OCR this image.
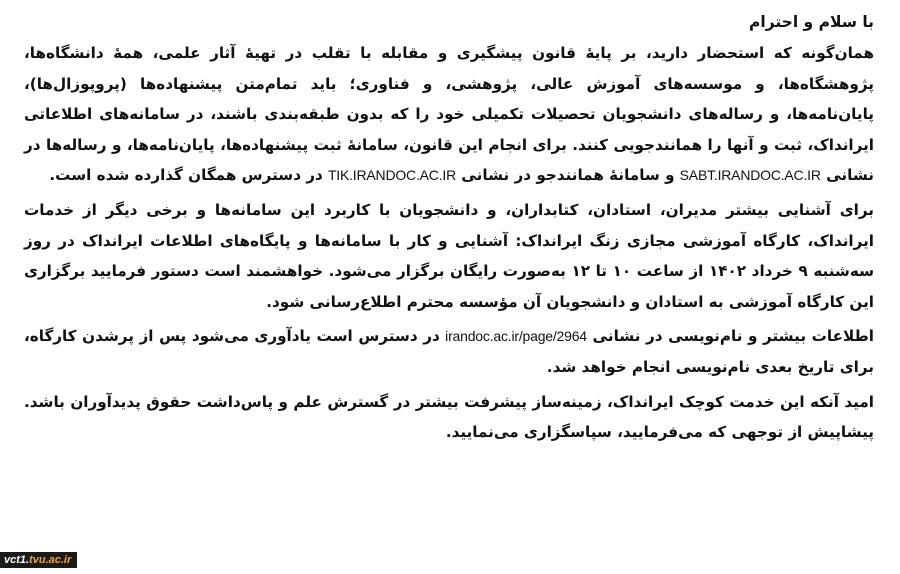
با سلام و احترام

همان‌گونه که استحضار دارید، بر پایهٔ قانون پیشگیری و مقابله با تقلب در تهیهٔ آثار علمی، همهٔ دانشگاه‌ها، پژوهشگاه‌ها، و موسسه‌های آموزش عالی، پژوهشی، و فناوری؛ باید تمام‌متن پیشنهاده‌ها (پروپوزال‌ها)، پایان‌نامه‌ها، و رساله‌های دانشجویان تحصیلات تکمیلی خود را که بدون طبقه‌بندی باشند، در سامانه‌های اطلاعاتی ایرانداک، ثبت و آنها را همانندجویی کنند. برای انجام این قانون، سامانهٔ ثبت پیشنهاده‌ها، پایان‌نامه‌ها، و رساله‌ها در نشانی SABT.IRANDOC.AC.IR و سامانهٔ همانندجو در نشانی TIK.IRANDOC.AC.IR در دسترس همگان گذارده شده است.

برای آشنایی بیشتر مدیران، استادان، کتابداران، و دانشجویان با کاربرد این سامانه‌ها و برخی دیگر از خدمات ایرانداک، کارگاه آموزشی مجازی زنگ ایرانداک: آشنایی و کار با سامانه‌ها و پایگاه‌های اطلاعات ایرانداک در روز سه‌شنبه ۹ خرداد ۱۴۰۲ از ساعت ۱۰ تا ۱۲ به‌صورت رایگان برگزار می‌شود. خواهشمند است دستور فرمایید برگزاری این کارگاه آموزشی به استادان و دانشجویان آن مؤسسه محترم اطلاع‌رسانی شود.

اطلاعات بیشتر و نام‌نویسی در نشانی irandoc.ac.ir/page/2964 در دسترس است یادآوری می‌شود پس از پرشدن کارگاه، برای تاریخ بعدی نام‌نویسی انجام خواهد شد.

امید آنکه این خدمت کوچک ایرانداک، زمینه‌ساز پیشرفت بیشتر در گسترش علم و پاس‌داشت حقوق پدیدآوران باشد. پیشاپیش از توجهی که می‌فرمایید، سپاسگزاری می‌نمایید.

vct1. tvu.ac.ir
